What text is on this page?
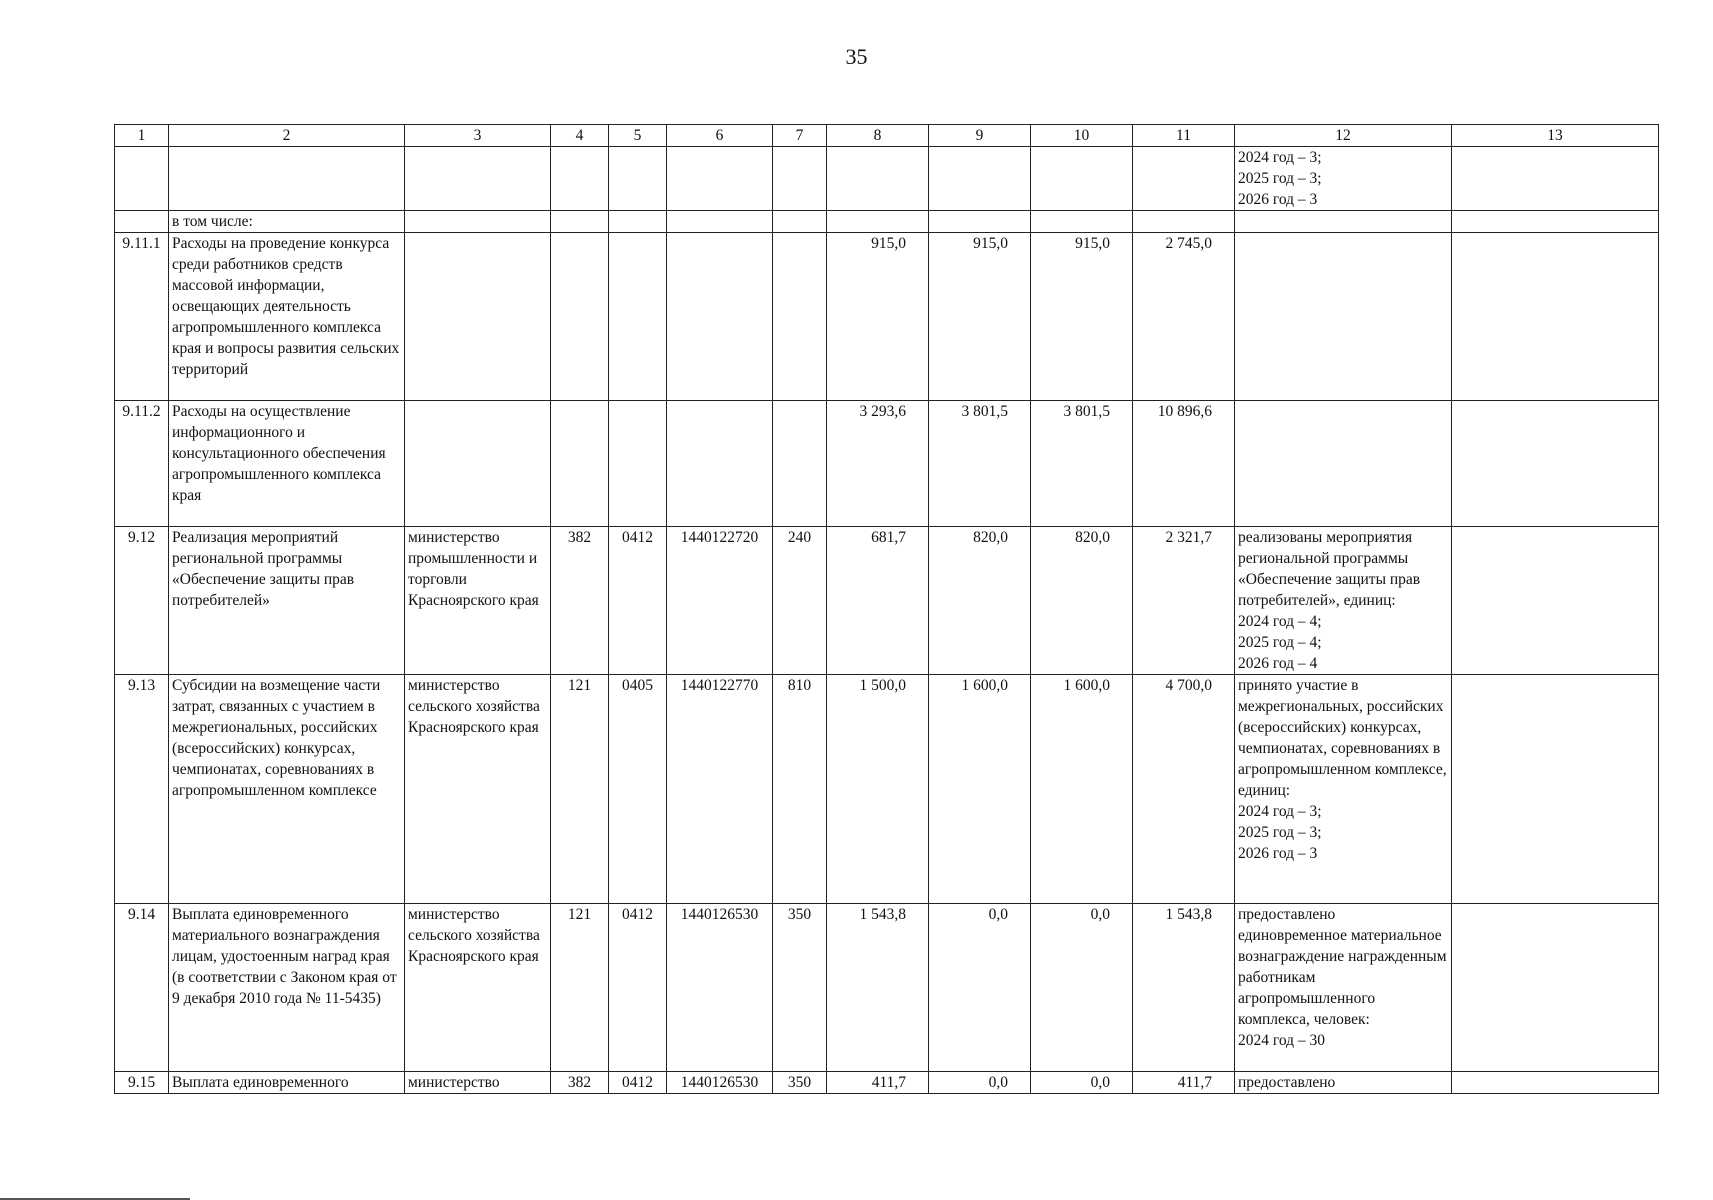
35
1	2	3	4	5	6	7	8	9	10	11	12	13
											2024 год – 3;
2025 год – 3;
2026 год – 3	
	в том числе:											
9.11.1	Расходы на проведение конкурса среди работников средств массовой информации, освещающих деятельность агропромышленного комплекса края и вопросы развития сельских территорий						915,0	915,0	915,0	2 745,0		
9.11.2	Расходы на осуществление информационного и консультационного обеспечения агропромышленного комплекса края						3 293,6	3 801,5	3 801,5	10 896,6		
9.12	Реализация мероприятий региональной программы «Обеспечение защиты прав потребителей»	министерство промышленности и торговли Красноярского края	382	0412	1440122720	240	681,7	820,0	820,0	2 321,7	реализованы мероприятия региональной программы «Обеспечение защиты прав потребителей», единиц:
2024 год – 4;
2025 год – 4;
2026 год – 4	
9.13	Субсидии на возмещение части затрат, связанных с участием в межрегиональных, российских (всероссийских) конкурсах, чемпионатах, соревнованиях в агропромышленном комплексе	министерство сельского хозяйства Красноярского края	121	0405	1440122770	810	1 500,0	1 600,0	1 600,0	4 700,0	принято участие в межрегиональных, российских (всероссийских) конкурсах, чемпионатах, соревнованиях в агропромышленном комплексе, единиц:
2024 год – 3;
2025 год – 3;
2026 год – 3	
9.14	Выплата единовременного материального вознаграждения лицам, удостоенным наград края (в соответствии с Законом края от 9 декабря 2010 года № 11-5435)	министерство сельского хозяйства Красноярского края	121	0412	1440126530	350	1 543,8	0,0	0,0	1 543,8	предоставлено единовременное материальное вознаграждение награжденным работникам агропромышленного комплекса, человек:
2024 год – 30	
9.15	Выплата единовременного	министерство	382	0412	1440126530	350	411,7	0,0	0,0	411,7	предоставлено	
